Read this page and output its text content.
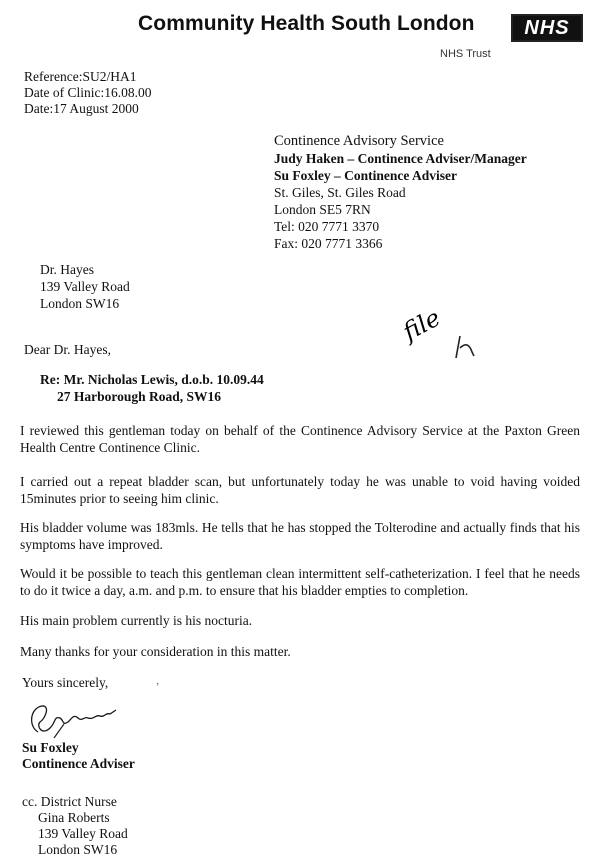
Community Health South London	NHS
NHS Trust
Reference:SU2/HA1
Date of Clinic:16.08.00
Date:17 August 2000
Continence Advisory Service
Judy Haken – Continence Adviser/Manager
Su Foxley – Continence Adviser
St. Giles, St. Giles Road
London SE5 7RN
Tel: 020 7771 3370
Fax: 020 7771 3366
Dr. Hayes
139 Valley Road
London SW16
file
Dear Dr. Hayes,
Re: Mr. Nicholas Lewis, d.o.b. 10.09.44
27 Harborough Road, SW16
I reviewed this gentleman today on behalf of the Continence Advisory Service at the Paxton Green Health Centre Continence Clinic.
I carried out a repeat bladder scan, but unfortunately today he was unable to void having voided 15minutes prior to seeing him clinic.
His bladder volume was 183mls. He tells that he has stopped the Tolterodine and actually finds that his symptoms have improved.
Would it be possible to teach this gentleman clean intermittent self-catheterization. I feel that he needs to do it twice a day, a.m. and p.m. to ensure that his bladder empties to completion.
His main problem currently is his nocturia.
Many thanks for your consideration in this matter.
Yours sincerely,	’
Su Foxley
Continence Adviser
cc. District Nurse
Gina Roberts
139 Valley Road
London SW16
